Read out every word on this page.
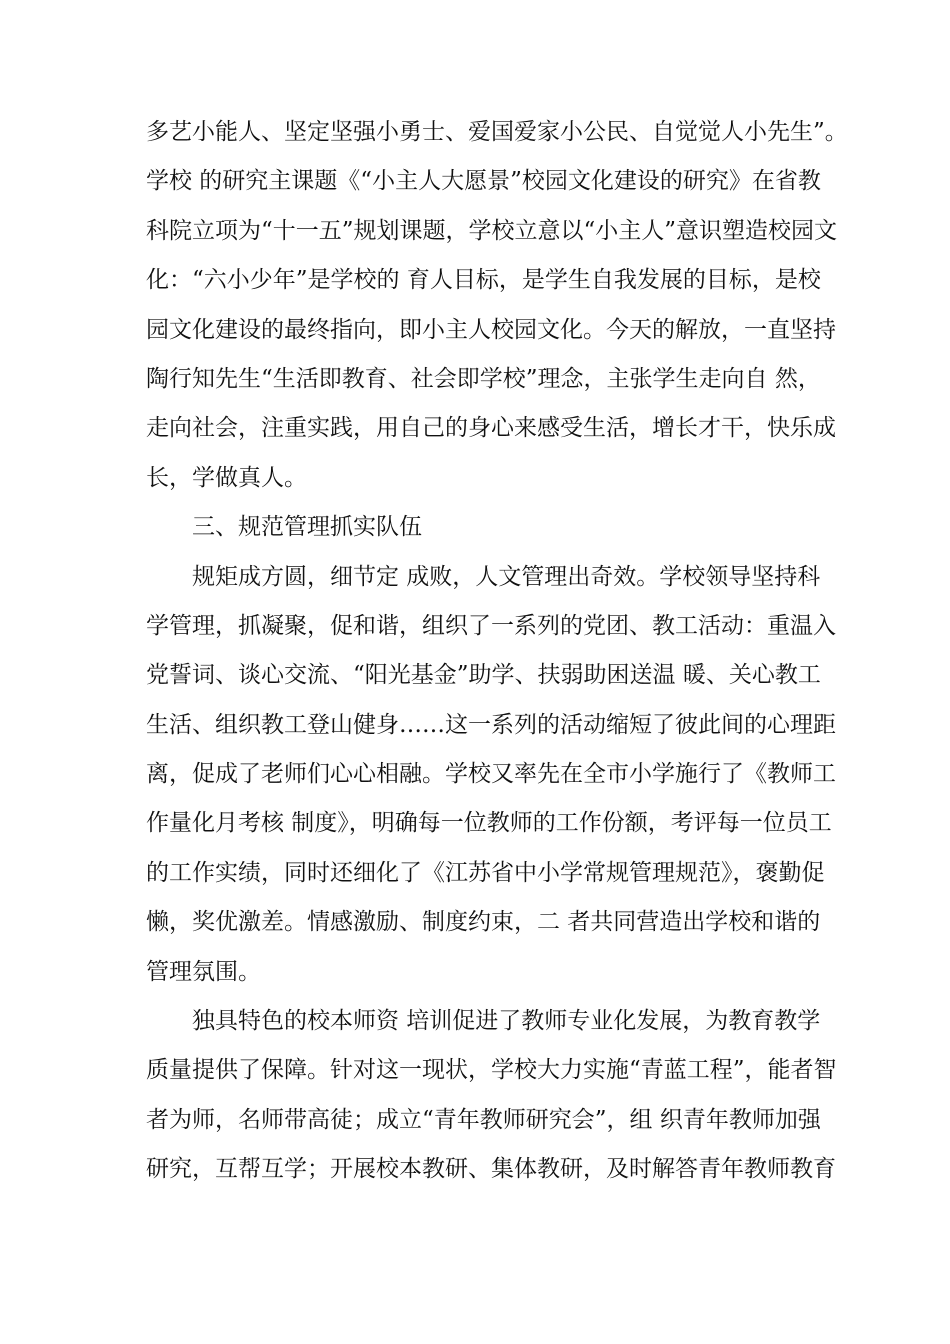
多艺小能人、坚定坚强小勇士、爱国爱家小公民、自觉觉人小先生”。
学校 的研究主课题《“小主人大愿景”校园文化建设的研究》在省教
科院立项为“十一五”规划课题，学校立意以“小主人”意识塑造校园文
化：“六小少年”是学校的 育人目标，是学生自我发展的目标，是校
园文化建设的最终指向，即小主人校园文化。今天的解放，一直坚持
陶行知先生“生活即教育、社会即学校”理念，主张学生走向自 然，
走向社会，注重实践，用自己的身心来感受生活，增长才干，快乐成
长，学做真人。
三、规范管理抓实队伍
规矩成方圆，细节定 成败，人文管理出奇效。学校领导坚持科
学管理，抓凝聚，促和谐，组织了一系列的党团、教工活动：重温入
党誓词、谈心交流、“阳光基金”助学、扶弱助困送温 暖、关心教工
生活、组织教工登山健身……这一系列的活动缩短了彼此间的心理距
离，促成了老师们心心相融。学校又率先在全市小学施行了《教师工
作量化月考核 制度》，明确每一位教师的工作份额，考评每一位员工
的工作实绩，同时还细化了《江苏省中小学常规管理规范》，褒勤促
懒，奖优激差。情感激励、制度约束，二 者共同营造出学校和谐的
管理氛围。
独具特色的校本师资 培训促进了教师专业化发展，为教育教学
质量提供了保障。针对这一现状，学校大力实施“青蓝工程”，能者智
者为师，名师带高徒；成立“青年教师研究会”，组 织青年教师加强
研究，互帮互学；开展校本教研、集体教研，及时解答青年教师教育
